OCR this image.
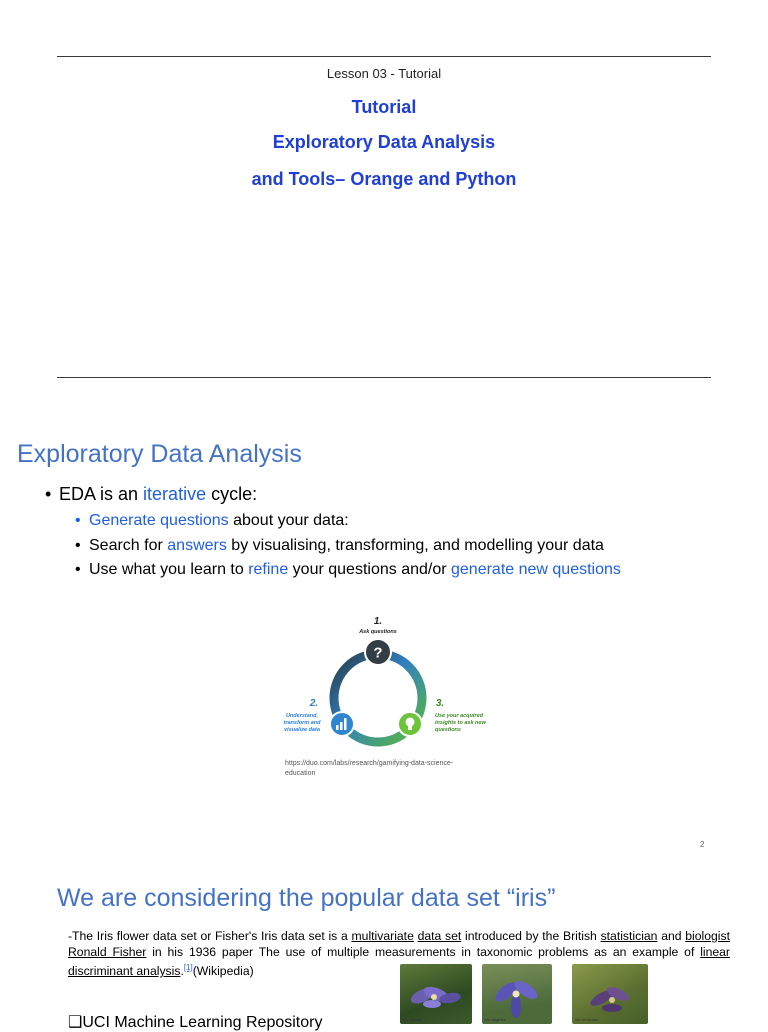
Lesson 03 - Tutorial
Tutorial
Exploratory Data Analysis
and Tools– Orange and Python
Exploratory Data Analysis
• EDA is an iterative cycle:
• Generate questions about your data:
• Search for answers by visualising, transforming, and modelling your data
• Use what you learn to refine your questions and/or generate new questions
?
1.
Ask questions
2.
Understand,
transform and
visualize data
3.
Use your acquired
insights to ask new
questions
https://duo.com/labs/research/gamifying-data-science-education
2
We are considering the popular data set “iris”
-The Iris flower data set or Fisher's Iris data set is a multivariate data set introduced by the British statistician and biologist Ronald Fisher in his 1936 paper The use of multiple measurements in taxonomic problems as an example of linear discriminant analysis.[1](Wikipedia)
iris setosa	iris virginica	iris versicolor
❑UCI Machine Learning Repository
